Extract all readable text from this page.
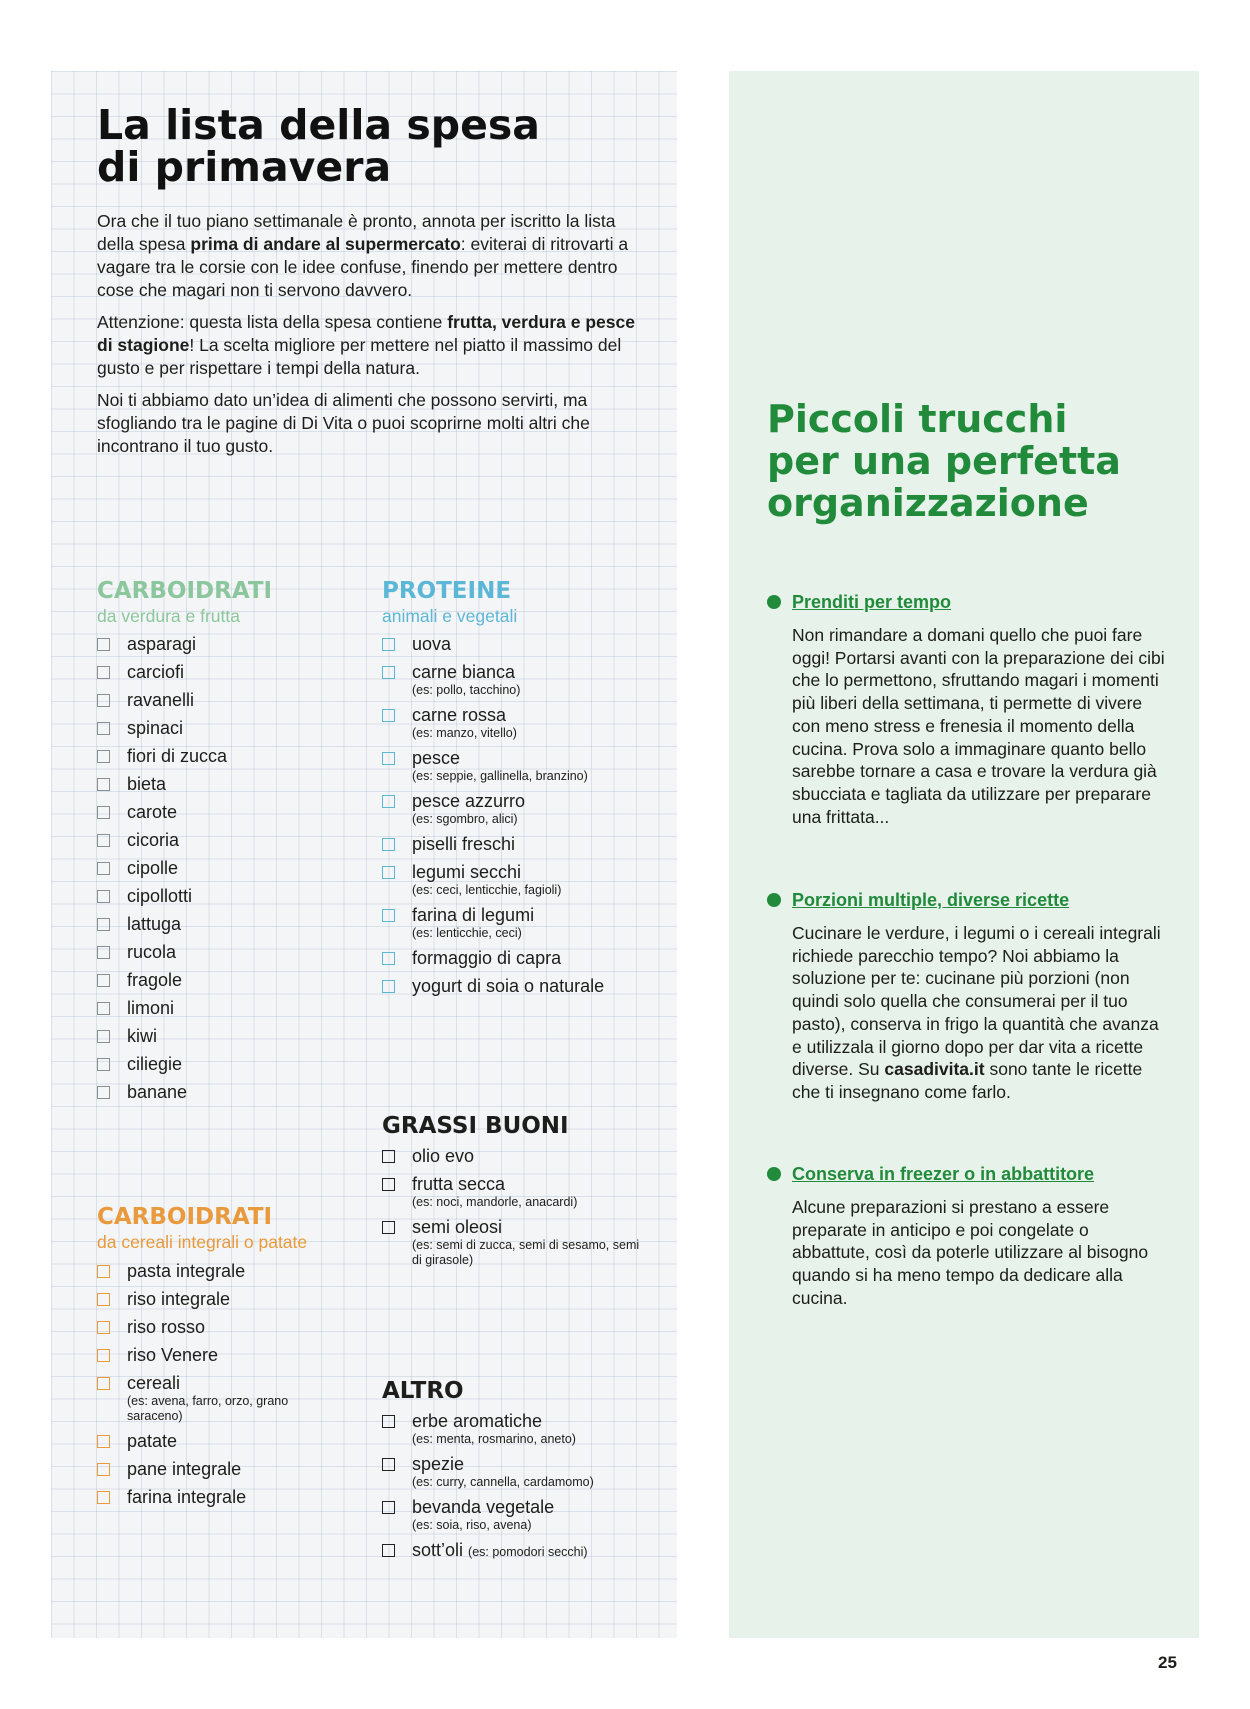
La lista della spesa
di primavera

Ora che il tuo piano settimanale è pronto, annota per iscritto la lista della spesa prima di andare al supermercato: eviterai di ritrovarti a vagare tra le corsie con le idee confuse, finendo per mettere dentro cose che magari non ti servono davvero.

Attenzione: questa lista della spesa contiene frutta, verdura e pesce di stagione! La scelta migliore per mettere nel piatto il massimo del gusto e per rispettare i tempi della natura.

Noi ti abbiamo dato un’idea di alimenti che possono servirti, ma sfogliando tra le pagine di Di Vita o puoi scoprirne molti altri che incontrano il tuo gusto.

CARBOIDRATI
da verdura e frutta
asparagi
carciofi
ravanelli
spinaci
fiori di zucca
bieta
carote
cicoria
cipolle
cipollotti
lattuga
rucola
fragole
limoni
kiwi
ciliegie
banane
CARBOIDRATI
da cereali integrali o patate
pasta integrale
riso integrale
riso rosso
riso Venere
cereali
(es: avena, farro, orzo, grano saraceno)
patate
pane integrale
farina integrale
PROTEINE
animali e vegetali
uova
carne bianca
(es: pollo, tacchino)
carne rossa
(es: manzo, vitello)
pesce
(es: seppie, gallinella, branzino)
pesce azzurro
(es: sgombro, alici)
piselli freschi
legumi secchi
(es: ceci, lenticchie, fagioli)
farina di legumi
(es: lenticchie, ceci)
formaggio di capra
yogurt di soia o naturale
GRASSI BUONI
olio evo
frutta secca
(es: noci, mandorle, anacardi)
semi oleosi
(es: semi di zucca, semi di sesamo, semi di girasole)
ALTRO
erbe aromatiche
(es: menta, rosmarino, aneto)
spezie
(es: curry, cannella, cardamomo)
bevanda vegetale
(es: soia, riso, avena)
sott’oli (es: pomodori secchi)
Piccoli trucchi
per una perfetta
organizzazione
Prenditi per tempo
Non rimandare a domani quello che puoi fare oggi! Portarsi avanti con la preparazione dei cibi che lo permettono, sfruttando magari i momenti più liberi della settimana, ti permette di vivere con meno stress e frenesia il momento della cucina. Prova solo a immaginare quanto bello sarebbe tornare a casa e trovare la verdura già sbucciata e tagliata da utilizzare per preparare una frittata...
Porzioni multiple, diverse ricette
Cucinare le verdure, i legumi o i cereali integrali richiede parecchio tempo? Noi abbiamo la soluzione per te: cucinane più porzioni (non quindi solo quella che consumerai per il tuo pasto), conserva in frigo la quantità che avanza e utilizzala il giorno dopo per dar vita a ricette diverse. Su casadivita.it sono tante le ricette che ti insegnano come farlo.
Conserva in freezer o in abbattitore
Alcune preparazioni si prestano a essere preparate in anticipo e poi congelate o abbattute, così da poterle utilizzare al bisogno quando si ha meno tempo da dedicare alla cucina.
25
